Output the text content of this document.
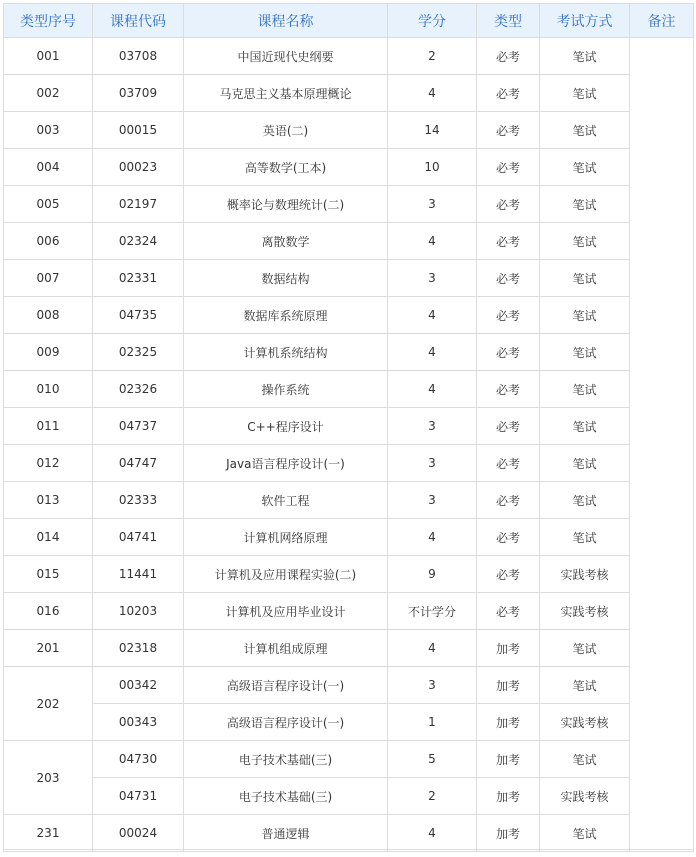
类型序号	课程代码	课程名称	学分	类型	考试方式	备注
001	03708	中国近现代史纲要	2	必考	笔试	
002	03709	马克思主义基本原理概论	4	必考	笔试	
003	00015	英语(二)	14	必考	笔试	
004	00023	高等数学(工本)	10	必考	笔试	
005	02197	概率论与数理统计(二)	3	必考	笔试	
006	02324	离散数学	4	必考	笔试	
007	02331	数据结构	3	必考	笔试	
008	04735	数据库系统原理	4	必考	笔试	
009	02325	计算机系统结构	4	必考	笔试	
010	02326	操作系统	4	必考	笔试	
011	04737	C++程序设计	3	必考	笔试	
012	04747	Java语言程序设计(一)	3	必考	笔试	
013	02333	软件工程	3	必考	笔试	
014	04741	计算机网络原理	4	必考	笔试	
015	11441	计算机及应用课程实验(二)	9	必考	实践考核	
016	10203	计算机及应用毕业设计	不计学分	必考	实践考核	
201	02318	计算机组成原理	4	加考	笔试	
202	00342	高级语言程序设计(一)	3	加考	笔试	
	00343	高级语言程序设计(一)	1	加考	实践考核	
203	04730	电子技术基础(三)	5	加考	笔试	
	04731	电子技术基础(三)	2	加考	实践考核	
231	00024	普通逻辑	4	加考	笔试	
